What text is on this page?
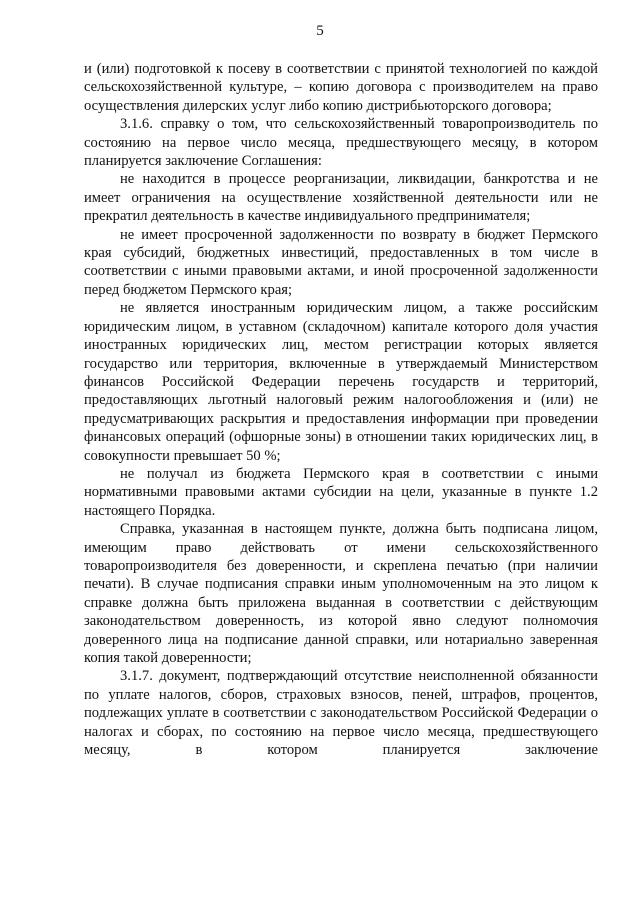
5

и (или) подготовкой к посеву в соответствии с принятой технологией по каждой сельскохозяйственной культуре, – копию договора с производителем на право осуществления дилерских услуг либо копию дистрибьюторского договора;

3.1.6. справку о том, что сельскохозяйственный товаропроизводитель по состоянию на первое число месяца, предшествующего месяцу, в котором планируется заключение Соглашения:

не находится в процессе реорганизации, ликвидации, банкротства и не имеет ограничения на осуществление хозяйственной деятельности или не прекратил деятельность в качестве индивидуального предпринимателя;

не имеет просроченной задолженности по возврату в бюджет Пермского края субсидий, бюджетных инвестиций, предоставленных в том числе в соответствии с иными правовыми актами, и иной просроченной задолженности перед бюджетом Пермского края;

не является иностранным юридическим лицом, а также российским юридическим лицом, в уставном (складочном) капитале которого доля участия иностранных юридических лиц, местом регистрации которых является государство или территория, включенные в утверждаемый Министерством финансов Российской Федерации перечень государств и территорий, предоставляющих льготный налоговый режим налогообложения и (или) не предусматривающих раскрытия и предоставления информации при проведении финансовых операций (офшорные зоны) в отношении таких юридических лиц, в совокупности превышает 50 %;

не получал из бюджета Пермского края в соответствии с иными нормативными правовыми актами субсидии на цели, указанные в пункте 1.2 настоящего Порядка.

Справка, указанная в настоящем пункте, должна быть подписана лицом, имеющим право действовать от имени сельскохозяйственного товаропроизводителя без доверенности, и скреплена печатью (при наличии печати). В случае подписания справки иным уполномоченным на это лицом к справке должна быть приложена выданная в соответствии с действующим законодательством доверенность, из которой явно следуют полномочия доверенного лица на подписание данной справки, или нотариально заверенная копия такой доверенности;

3.1.7. документ, подтверждающий отсутствие неисполненной обязанности по уплате налогов, сборов, страховых взносов, пеней, штрафов, процентов, подлежащих уплате в соответствии с законодательством Российской Федерации о налогах и сборах, по состоянию на первое число месяца, предшествующего месяцу, в котором планируется заключение
